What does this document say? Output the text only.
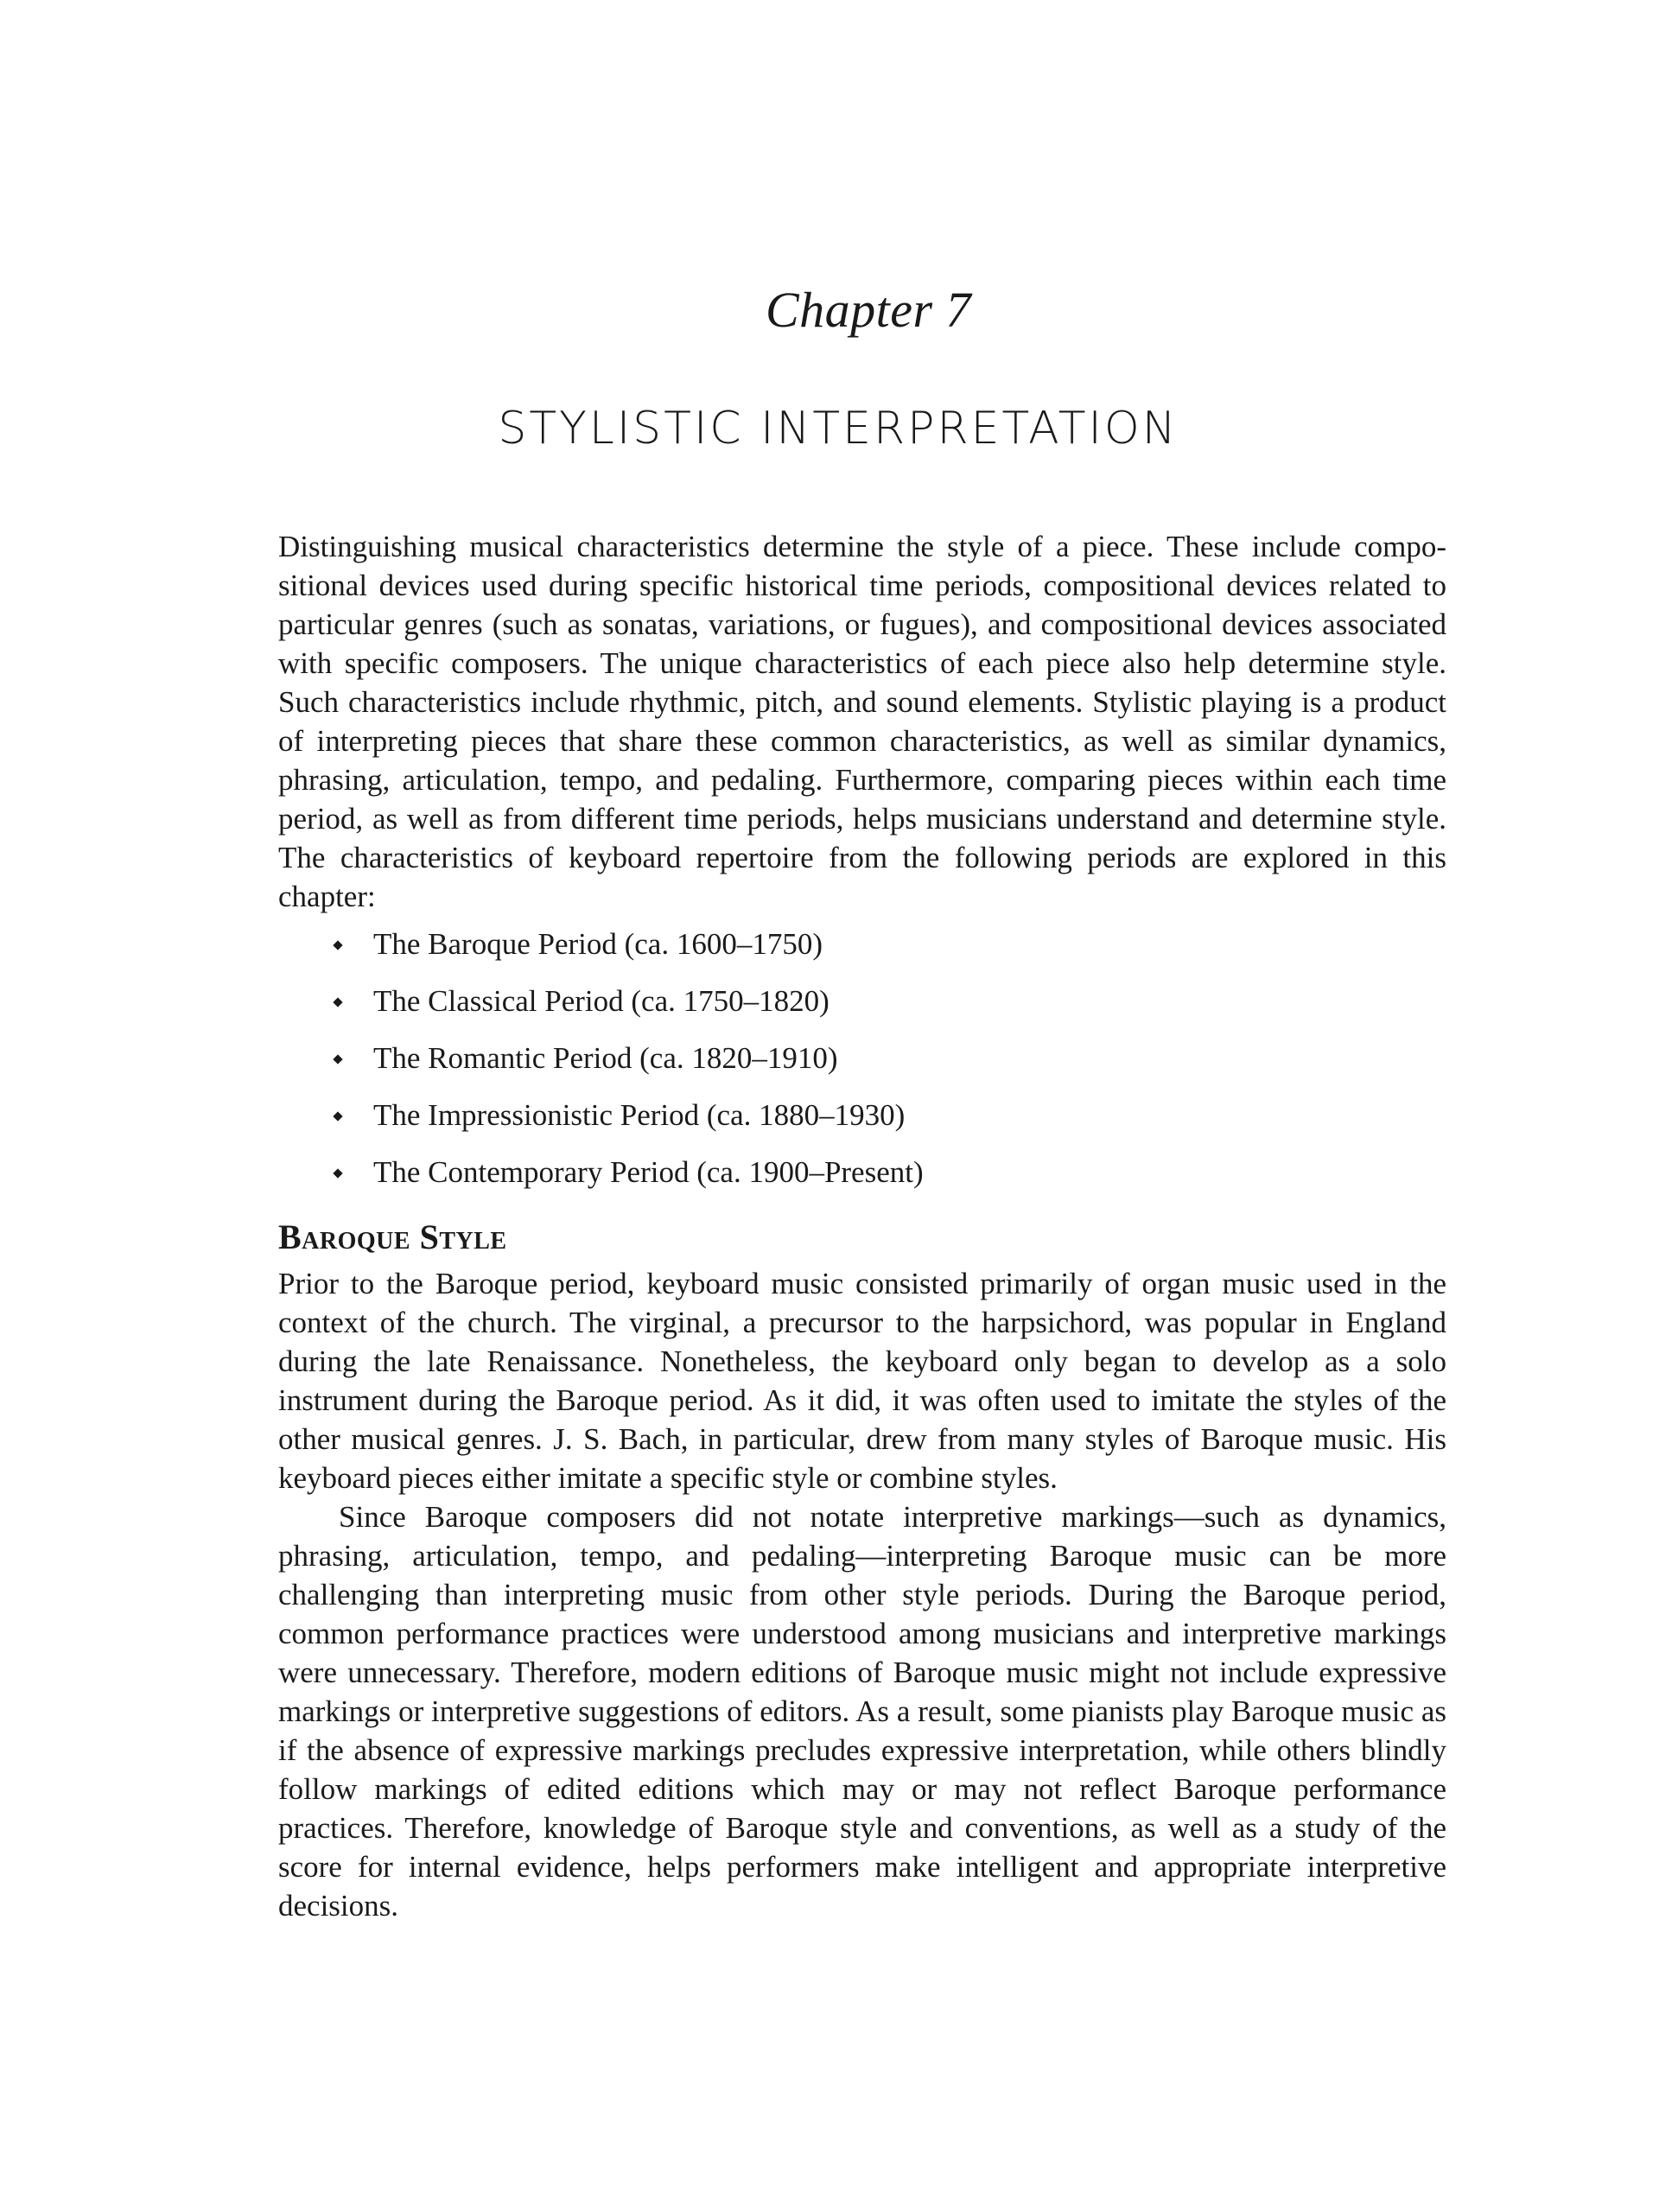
Chapter 7
STYLISTIC INTERPRETATION

Distinguishing musical characteristics determine the style of a piece. These include compositional devices used during specific historical time periods, compositional devices related to particular genres (such as sonatas, variations, or fugues), and compositional devices associated with specific composers. The unique characteristics of each piece also help determine style. Such characteristics include rhythmic, pitch, and sound elements. Stylistic playing is a product of interpreting pieces that share these common characteristics, as well as similar dynamics, phrasing, articulation, tempo, and pedaling. Furthermore, comparing pieces within each time period, as well as from different time periods, helps musicians understand and determine style. The characteristics of keyboard repertoire from the following periods are explored in this chapter:

The Baroque Period (ca. 1600–1750)
The Classical Period (ca. 1750–1820)
The Romantic Period (ca. 1820–1910)
The Impressionistic Period (ca. 1880–1930)
The Contemporary Period (ca. 1900–Present)
Baroque Style

Prior to the Baroque period, keyboard music consisted primarily of organ music used in the context of the church. The virginal, a precursor to the harpsichord, was popular in England during the late Renaissance. Nonetheless, the keyboard only began to develop as a solo instrument during the Baroque period. As it did, it was often used to imitate the styles of the other musical genres. J. S. Bach, in particular, drew from many styles of Baroque music. His keyboard pieces either imitate a specific style or combine styles.

Since Baroque composers did not notate interpretive markings—such as dynamics, phrasing, articulation, tempo, and pedaling—interpreting Baroque music can be more challenging than interpreting music from other style periods. During the Baroque period, common performance practices were understood among musicians and interpretive markings were unnecessary. Therefore, modern editions of Baroque music might not include expressive markings or interpretive suggestions of editors. As a result, some pianists play Baroque music as if the absence of expressive markings precludes expressive interpretation, while others blindly follow markings of edited editions which may or may not reflect Baroque performance practices. Therefore, knowledge of Baroque style and conventions, as well as a study of the score for internal evidence, helps performers make intelligent and appropriate interpretive decisions.
